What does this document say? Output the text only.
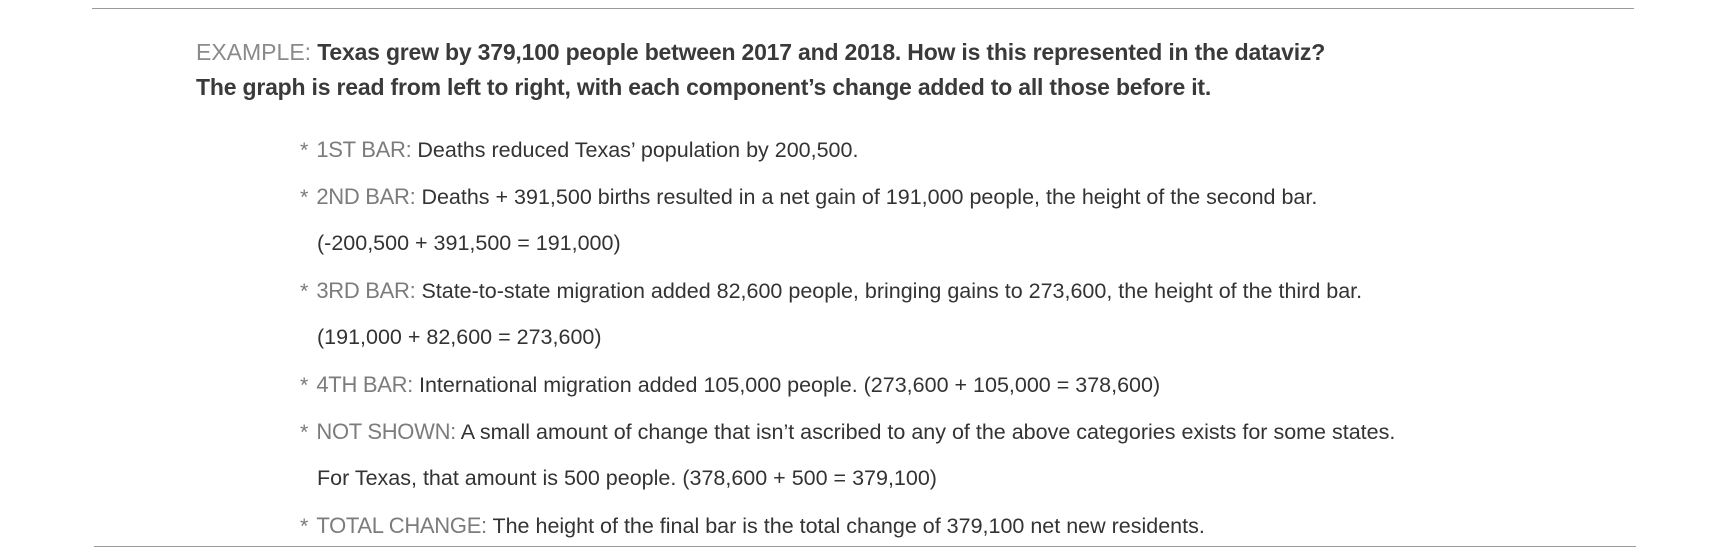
EXAMPLE: Texas grew by 379,100 people between 2017 and 2018. How is this represented in the dataviz?
The graph is read from left to right, with each component’s change added to all those before it.
* 1ST BAR: Deaths reduced Texas’ population by 200,500.
* 2ND BAR: Deaths + 391,500 births resulted in a net gain of 191,000 people, the height of the second bar.
(-200,500 + 391,500 = 191,000)
* 3RD BAR: State-to-state migration added 82,600 people, bringing gains to 273,600, the height of the third bar.
(191,000 + 82,600 = 273,600)
* 4TH BAR: International migration added 105,000 people. (273,600 + 105,000 = 378,600)
* NOT SHOWN: A small amount of change that isn’t ascribed to any of the above categories exists for some states.
For Texas, that amount is 500 people. (378,600 + 500 = 379,100)
* TOTAL CHANGE: The height of the final bar is the total change of 379,100 net new residents.
